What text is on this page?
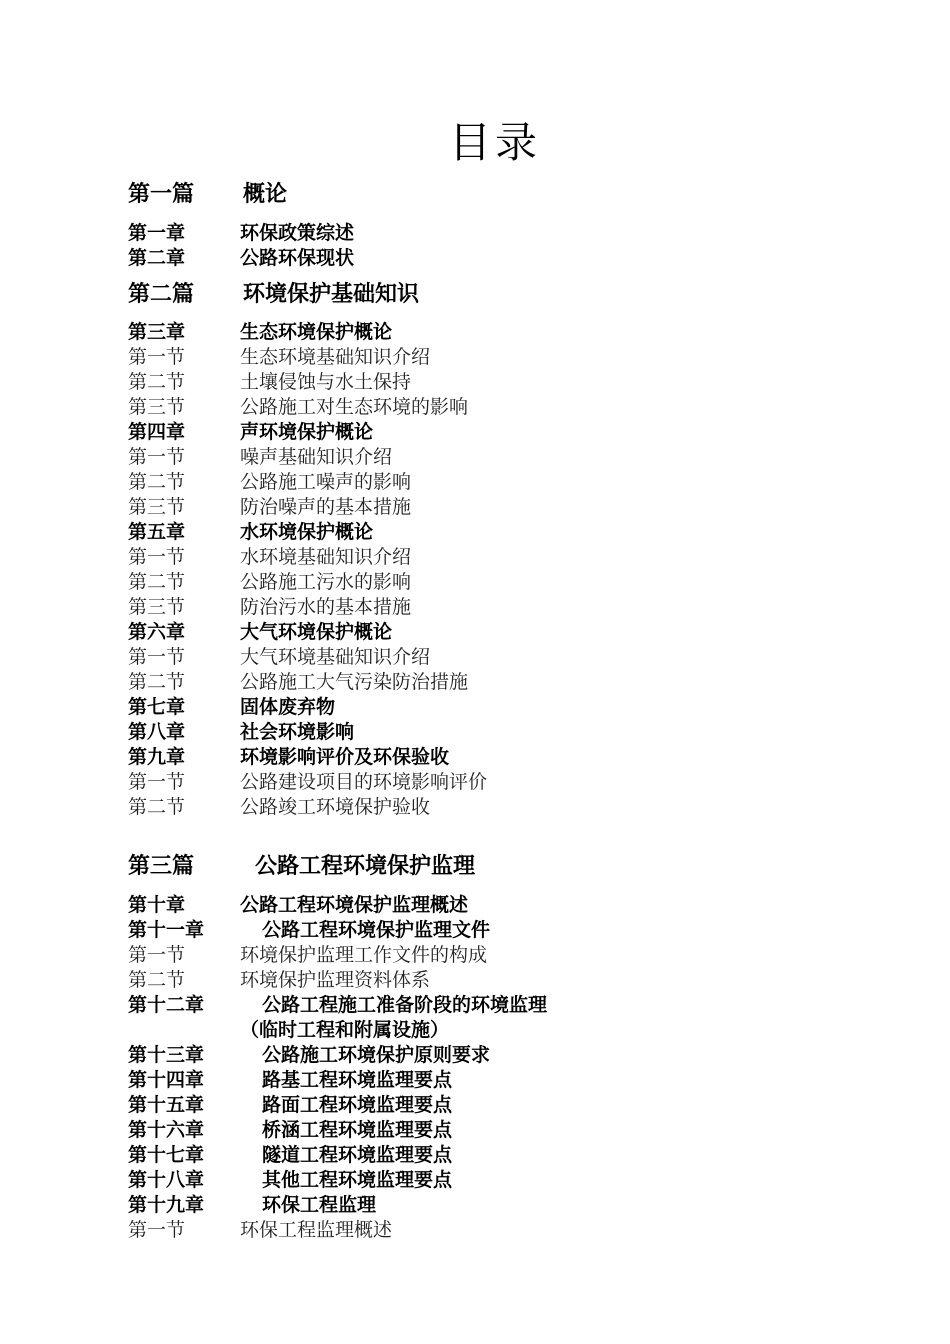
目录
第一篇 概论
第一章	环保政策综述
第二章	公路环保现状
第二篇 环境保护基础知识
第三章	生态环境保护概论
第一节	生态环境基础知识介绍
第二节	土壤侵蚀与水土保持
第三节	公路施工对生态环境的影响
第四章	声环境保护概论
第一节	噪声基础知识介绍
第二节	公路施工噪声的影响
第三节	防治噪声的基本措施
第五章	水环境保护概论
第一节	水环境基础知识介绍
第二节	公路施工污水的影响
第三节	防治污水的基本措施
第六章	大气环境保护概论
第一节	大气环境基础知识介绍
第二节	公路施工大气污染防治措施
第七章	固体废弃物
第八章	社会环境影响
第九章	环境影响评价及环保验收
第一节	公路建设项目的环境影响评价
第二节	公路竣工环境保护验收
第三篇	公路工程环境保护监理
第十章	公路工程环境保护监理概述
第十一章	公路工程环境保护监理文件
第一节	环境保护监理工作文件的构成
第二节	环境保护监理资料体系
第十二章	公路工程施工准备阶段的环境监理
（临时工程和附属设施）
第十三章	公路施工环境保护原则要求
第十四章	路基工程环境监理要点
第十五章	路面工程环境监理要点
第十六章	桥涵工程环境监理要点
第十七章	隧道工程环境监理要点
第十八章	其他工程环境监理要点
第十九章	环保工程监理
第一节	环保工程监理概述
